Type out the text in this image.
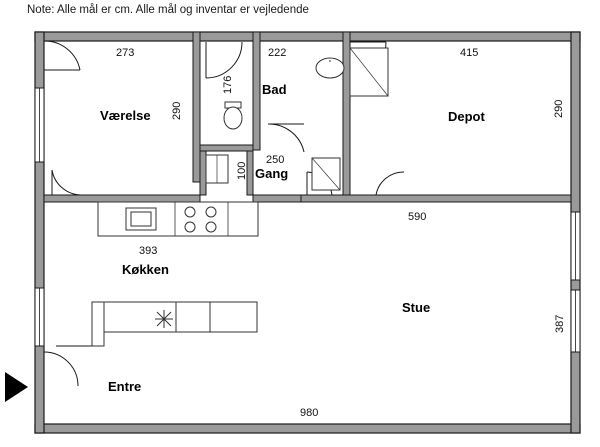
Note: Alle mål er cm. Alle mål og inventar er vejledende
Værelse
Bad
Depot
Gang
Køkken
Stue
Entre
273	222	415
290
176
290
100
250
590
393
387
980
